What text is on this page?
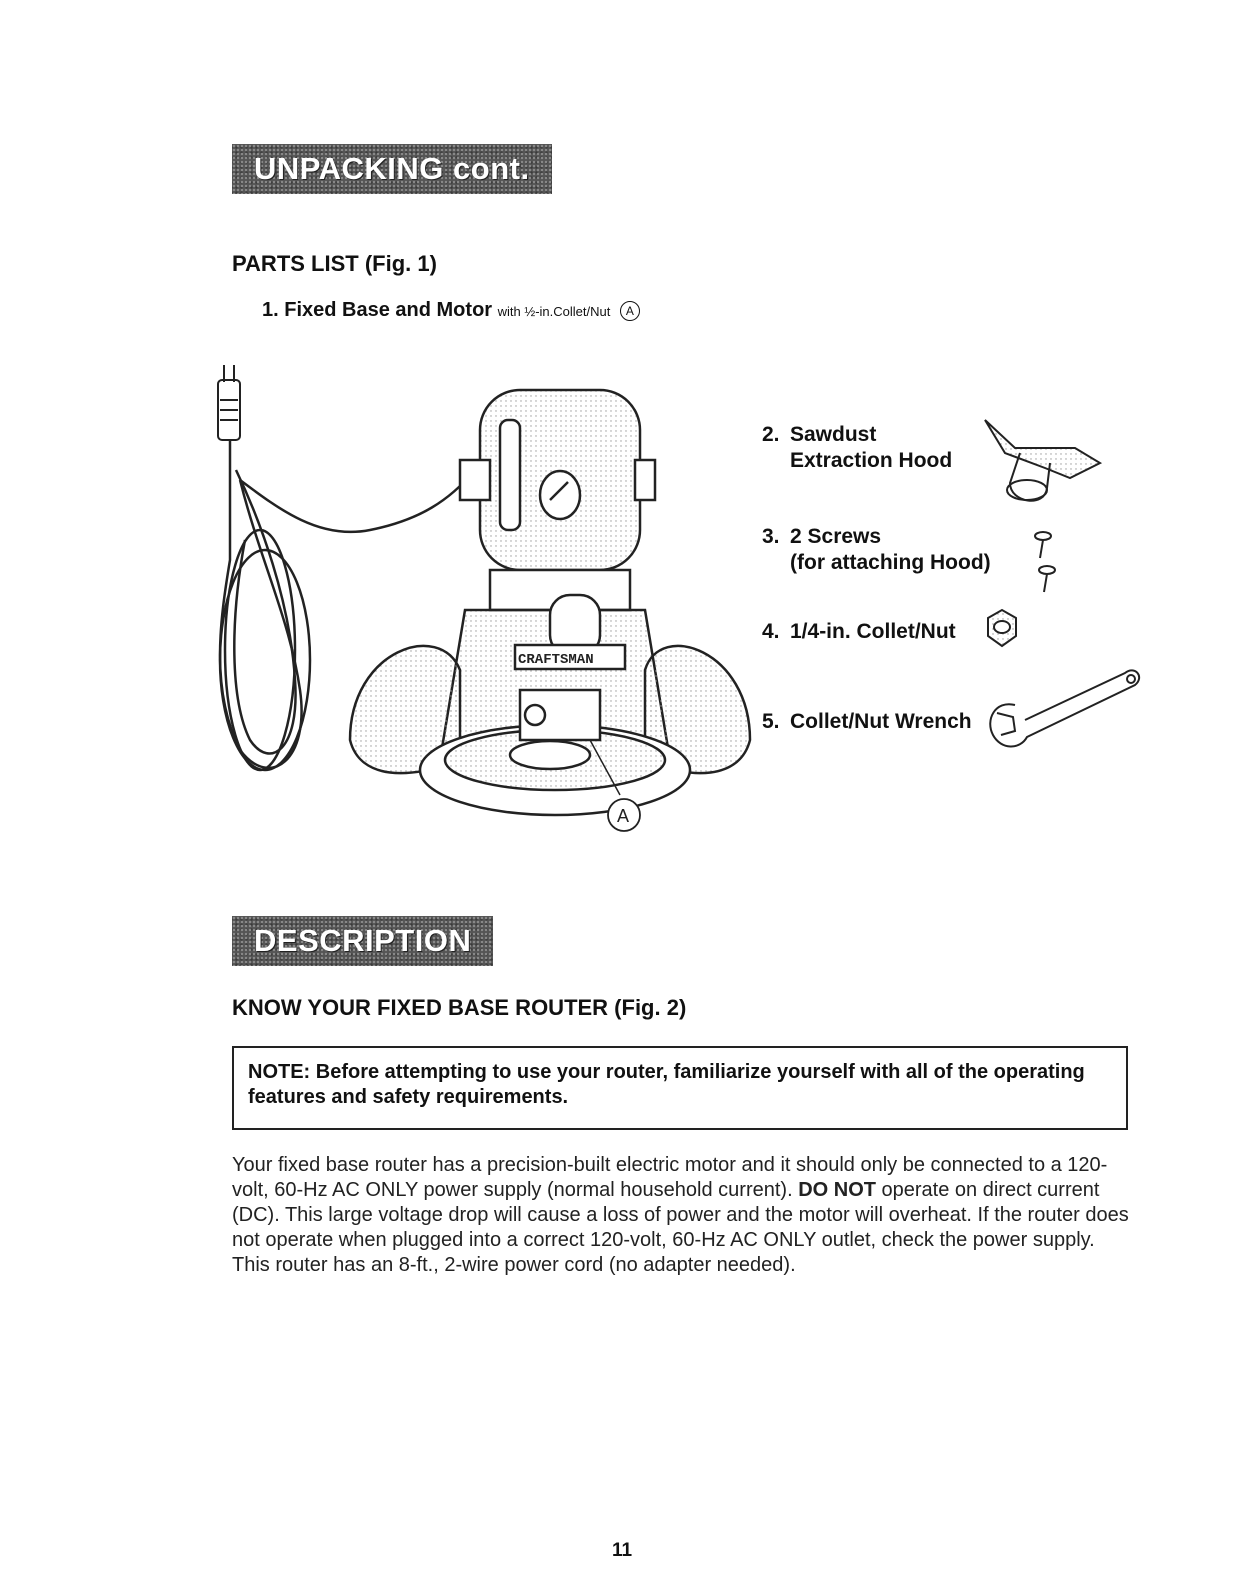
UNPACKING cont.
PARTS LIST (Fig. 1)
1. Fixed Base and Motor with ½-in.Collet/Nut A
CRAFTSMAN
A
2. Sawdust
Extraction Hood
3. 2 Screws
(for attaching Hood)
4. 1/4-in. Collet/Nut
5. Collet/Nut Wrench
DESCRIPTION
KNOW YOUR FIXED BASE ROUTER (Fig. 2)
NOTE: Before attempting to use your router, familiarize yourself with all of the operating features and safety requirements.
Your fixed base router has a precision-built electric motor and it should only be connected to a 120-volt, 60-Hz AC ONLY power supply (normal household current). DO NOT operate on direct current (DC). This large voltage drop will cause a loss of power and the motor will overheat. If the router does not operate when plugged into a correct 120-volt, 60-Hz AC ONLY outlet, check the power supply. This router has an 8-ft., 2-wire power cord (no adapter needed).
11
